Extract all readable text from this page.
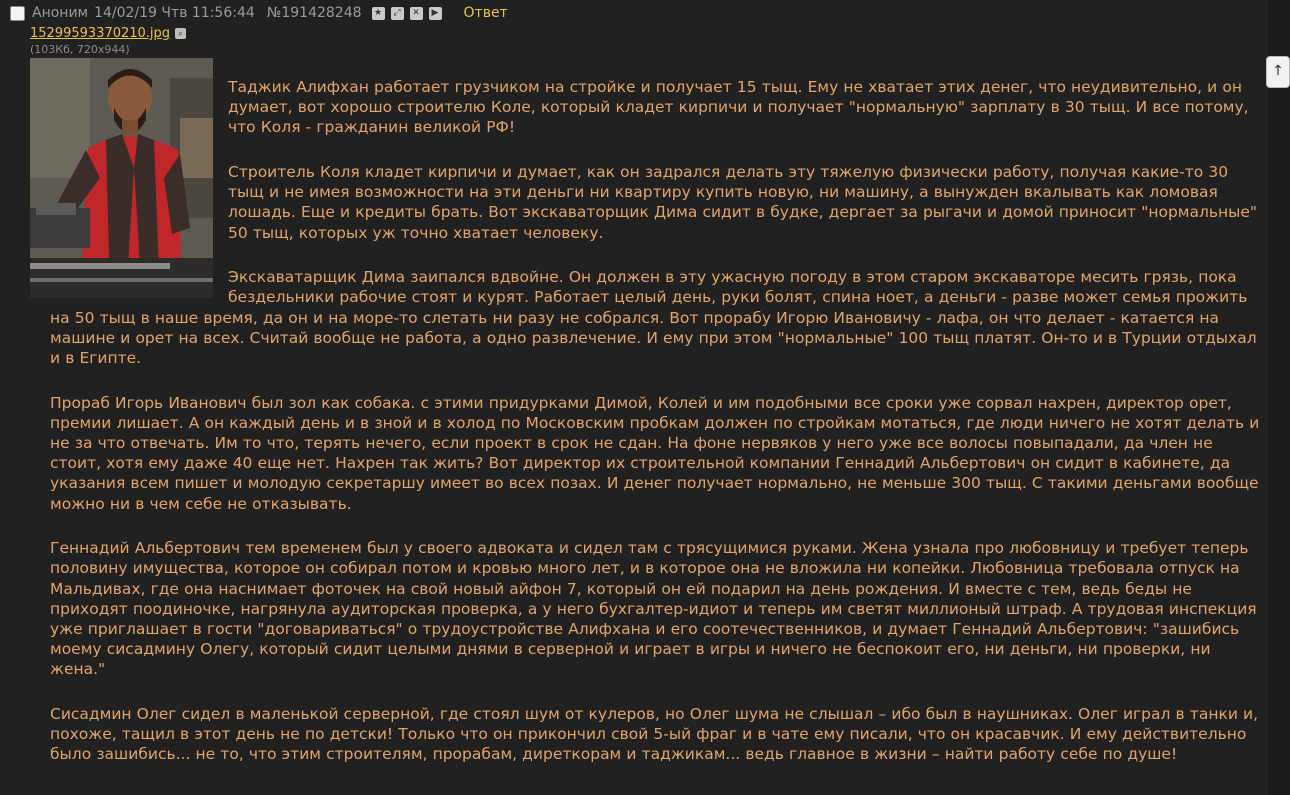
Аноним 14/02/19 Чтв 11:56:44 №191428248 ★	⤢	✕	▶ Ответ
15299593370210.jpg	⌕
(103Кб, 720x944)

Таджик Алифхан работает грузчиком на стройке и получает 15 тыщ. Ему не хватает этих денег, что неудивительно, и он думает, вот хорошо строителю Коле, который кладет кирпичи и получает "нормальную" зарплату в 30 тыщ. И все потому, что Коля - гражданин великой РФ!

Строитель Коля кладет кирпичи и думает, как он задрался делать эту тяжелую физически работу, получая какие-то 30 тыщ и не имея возможности на эти деньги ни квартиру купить новую, ни машину, а вынужден вкалывать как ломовая лошадь. Еще и кредиты брать. Вот экскаваторщик Дима сидит в будке, дергает за рыгачи и домой приносит "нормальные" 50 тыщ, которых уж точно хватает человеку.

Экскаватарщик Дима заипался вдвойне. Он должен в эту ужасную погоду в этом старом экскаваторе месить грязь, пока бездельники рабочие стоят и курят. Работает целый день, руки болят, спина ноет, а деньги - разве может семья прожить на 50 тыщ в наше время, да он и на море-то слетать ни разу не собрался. Вот прорабу Игорю Ивановичу - лафа, он что делает - катается на машине и орет на всех. Считай вообще не работа, а одно развлечение. И ему при этом "нормальные" 100 тыщ платят. Он-то и в Турции отдыхал и в Египте.

Прораб Игорь Иванович был зол как собака. с этими придурками Димой, Колей и им подобными все сроки уже сорвал нахрен, директор орет, премии лишает. А он каждый день и в зной и в холод по Московским пробкам должен по стройкам мотаться, где люди ничего не хотят делать и не за что отвечать. Им то что, терять нечего, если проект в срок не сдан. На фоне нервяков у него уже все волосы повыпадали, да член не стоит, хотя ему даже 40 еще нет. Нахрен так жить? Вот директор их строительной компании Геннадий Альбертович он сидит в кабинете, да указания всем пишет и молодую секретаршу имеет во всех позах. И денег получает нормально, не меньше 300 тыщ. С такими деньгами вообще можно ни в чем себе не отказывать.

Геннадий Альбертович тем временем был у своего адвоката и сидел там с трясущимися руками. Жена узнала про любовницу и требует теперь половину имущества, которое он собирал потом и кровью много лет, и в которое она не вложила ни копейки. Любовница требовала отпуск на Мальдивах, где она наснимает фоточек на свой новый айфон 7, который он ей подарил на день рождения. И вместе с тем, ведь беды не приходят поодиночке, нагрянула аудиторская проверка, а у него бухгалтер-идиот и теперь им светят миллионый штраф. А трудовая инспекция уже приглашает в гости "договариваться" о трудоустройстве Алифхана и его соотечественников, и думает Геннадий Альбертович: "зашибись моему сисадмину Олегу, который сидит целыми днями в серверной и играет в игры и ничего не беспокоит его, ни деньги, ни проверки, ни жена."

Сисадмин Олег сидел в маленькой серверной, где стоял шум от кулеров, но Олег шума не слышал – ибо был в наушниках. Олег играл в танки и, похоже, тащил в этот день не по детски! Только что он прикончил свой 5-ый фраг и в чате ему писали, что он красавчик. И ему действительно было зашибись... не то, что этим строителям, прорабам, диреткорам и таджикам... ведь главное в жизни – найти работу себе по душе!

↑
